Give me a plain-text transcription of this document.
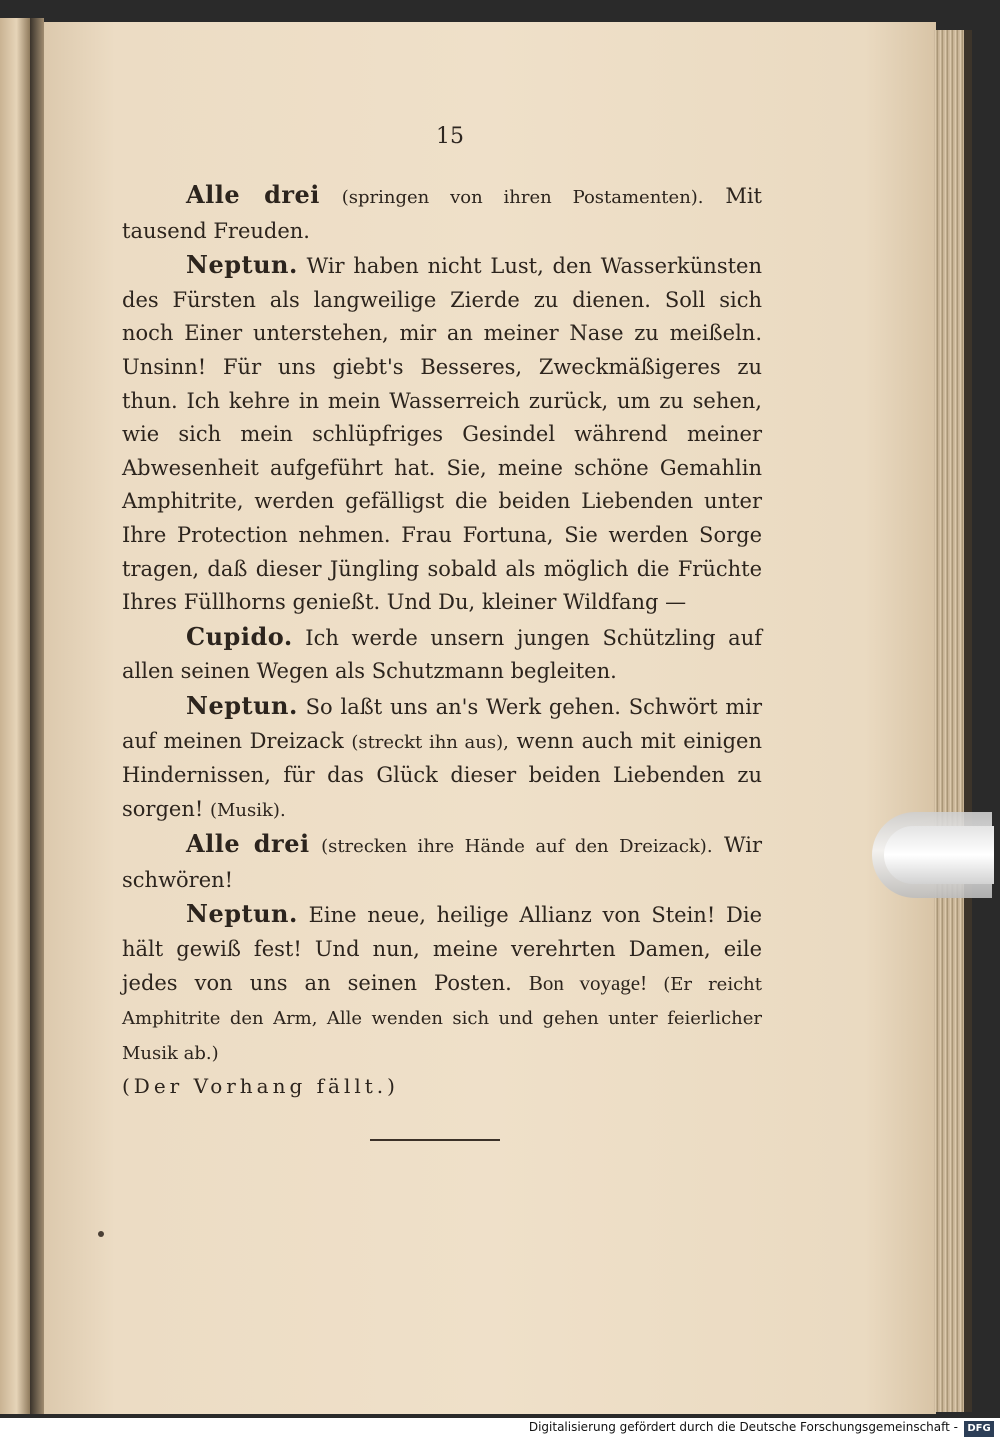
15

Alle drei (springen von ihren Postamenten). Mit tausend Freuden.

Neptun. Wir haben nicht Lust, den Wasserkünsten des Fürsten als langweilige Zierde zu dienen. Soll sich noch Einer unterstehen, mir an meiner Nase zu meißeln. Unsinn! Für uns giebt's Besseres, Zweckmäßigeres zu thun. Ich kehre in mein Wasserreich zurück, um zu sehen, wie sich mein schlüpfriges Gesindel während meiner Abwesenheit aufgeführt hat. Sie, meine schöne Gemahlin Amphitrite, werden gefälligst die beiden Liebenden unter Ihre Protection nehmen. Frau Fortuna, Sie werden Sorge tragen, daß dieser Jüngling sobald als möglich die Früchte Ihres Füllhorns genießt. Und Du, kleiner Wildfang —

Cupido. Ich werde unsern jungen Schützling auf allen seinen Wegen als Schutzmann begleiten.

Neptun. So laßt uns an's Werk gehen. Schwört mir auf meinen Dreizack (streckt ihn aus), wenn auch mit einigen Hindernissen, für das Glück dieser beiden Liebenden zu sorgen! (Musik).

Alle drei (strecken ihre Hände auf den Dreizack). Wir schwören!

Neptun. Eine neue, heilige Allianz von Stein! Die hält gewiß fest! Und nun, meine verehrten Damen, eile jedes von uns an seinen Posten. Bon voyage! (Er reicht Amphitrite den Arm, Alle wenden sich und gehen unter feierlicher Musik ab.)

(Der Vorhang fällt.)

Digitalisierung gefördert durch die Deutsche Forschungsgemeinschaft - DFG
